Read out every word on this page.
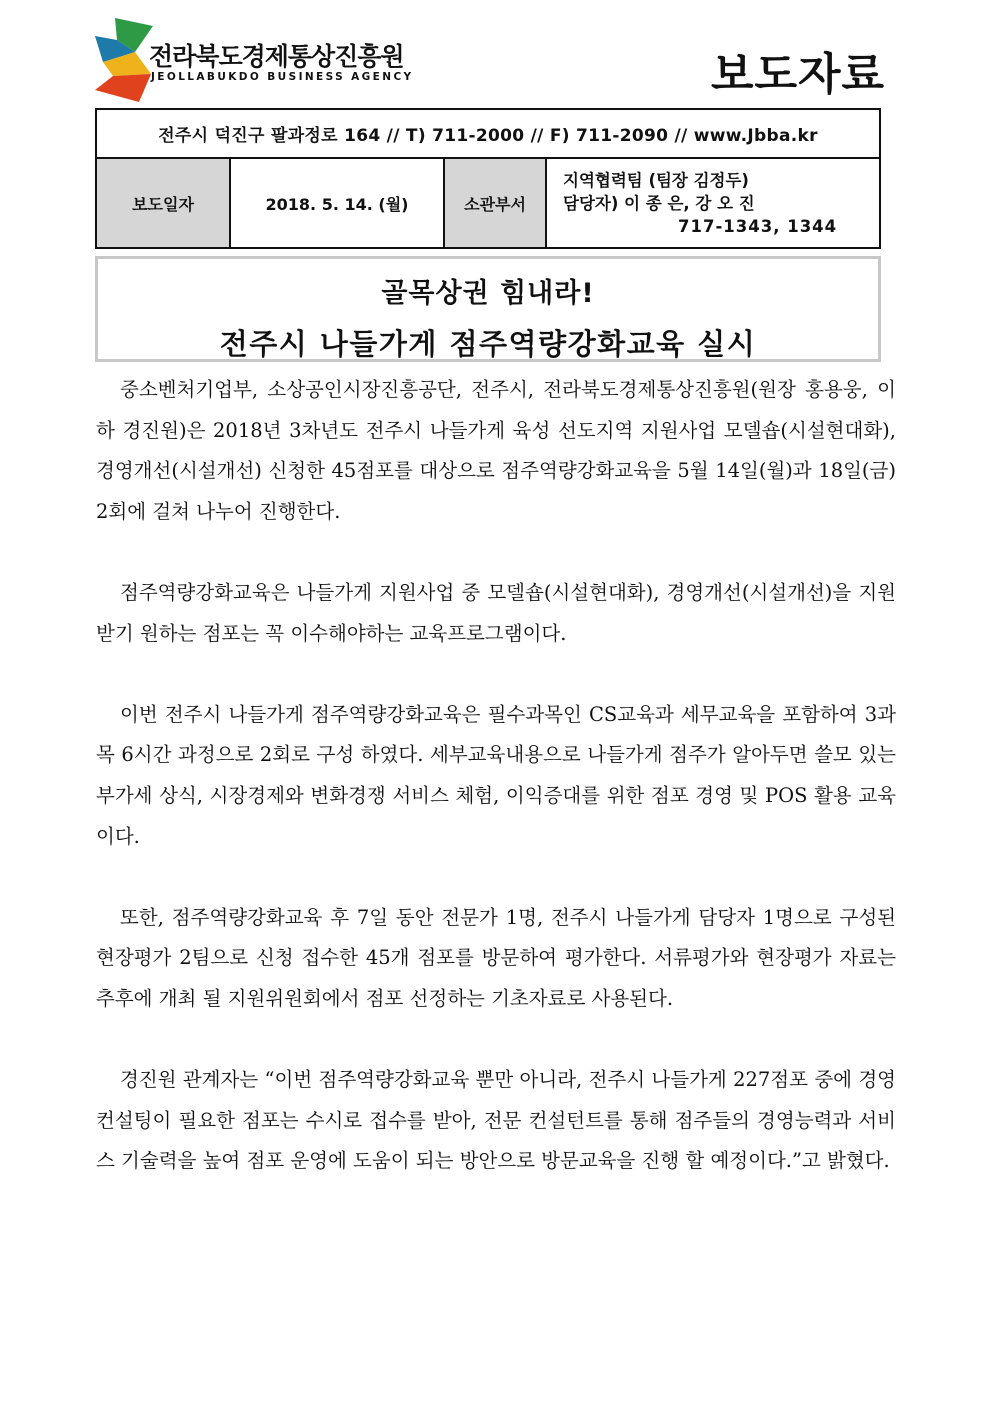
전라북도경제통상진흥원
JEOLLABUKDO BUSINESS AGENCY	보도자료
전주시 덕진구 팔과정로 164 // T) 711-2000 // F) 711-2090 // www.Jbba.kr
보도일자	2018. 5. 14. (월)	소관부서	
지역협력팀 (팀장 김정두)
담당자) 이 종 은, 강 오 진
717-1343, 1344
골목상권 힘내라!
전주시 나들가게 점주역량강화교육 실시

중소벤처기업부, 소상공인시장진흥공단, 전주시, 전라북도경제통상진흥원(원장 홍용웅, 이하 경진원)은 2018년 3차년도 전주시 나들가게 육성 선도지역 지원사업 모델숍(시설현대화), 경영개선(시설개선) 신청한 45점포를 대상으로 점주역량강화교육을 5월 14일(월)과 18일(금) 2회에 걸쳐 나누어 진행한다.

점주역량강화교육은 나들가게 지원사업 중 모델숍(시설현대화), 경영개선(시설개선)을 지원받기 원하는 점포는 꼭 이수해야하는 교육프로그램이다.

이번 전주시 나들가게 점주역량강화교육은 필수과목인 CS교육과 세무교육을 포함하여 3과목 6시간 과정으로 2회로 구성 하였다. 세부교육내용으로 나들가게 점주가 알아두면 쓸모 있는 부가세 상식, 시장경제와 변화경쟁 서비스 체험, 이익증대를 위한 점포 경영 및 POS 활용 교육이다.

또한, 점주역량강화교육 후 7일 동안 전문가 1명, 전주시 나들가게 담당자 1명으로 구성된 현장평가 2팀으로 신청 접수한 45개 점포를 방문하여 평가한다. 서류평가와 현장평가 자료는 추후에 개최 될 지원위원회에서 점포 선정하는 기초자료로 사용된다.

경진원 관계자는 “이번 점주역량강화교육 뿐만 아니라, 전주시 나들가게 227점포 중에 경영 컨설팅이 필요한 점포는 수시로 접수를 받아, 전문 컨설턴트를 통해 점주들의 경영능력과 서비스 기술력을 높여 점포 운영에 도움이 되는 방안으로 방문교육을 진행 할 예정이다.”고 밝혔다.
